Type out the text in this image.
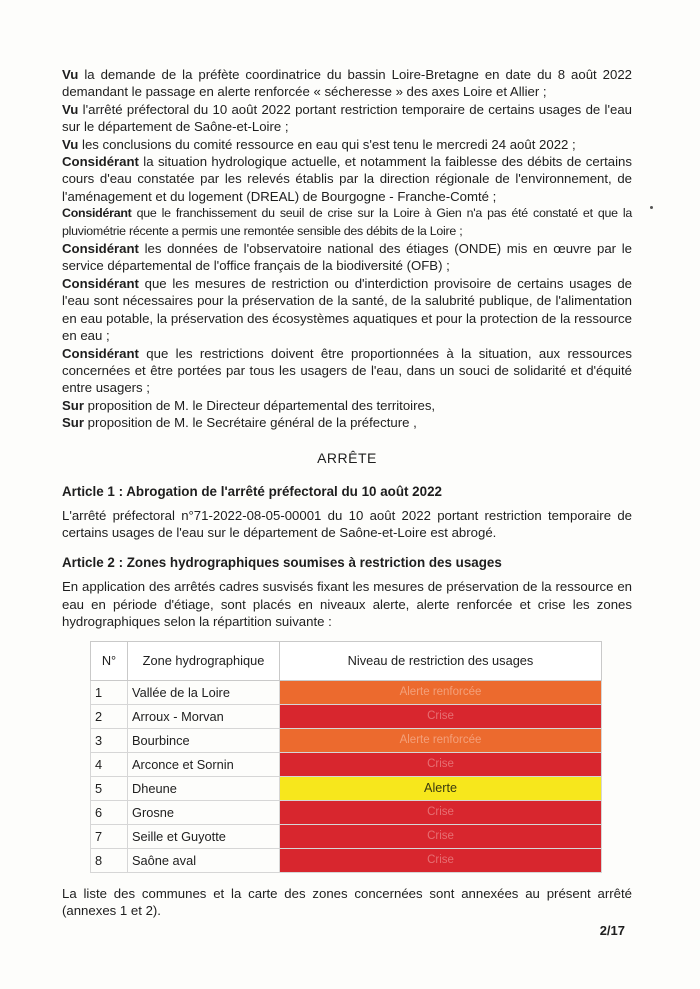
Vu la demande de la préfète coordinatrice du bassin Loire-Bretagne en date du 8 août 2022 demandant le passage en alerte renforcée « sécheresse » des axes Loire et Allier ;

Vu l'arrêté préfectoral du 10 août 2022 portant restriction temporaire de certains usages de l'eau sur le département de Saône-et-Loire ;

Vu les conclusions du comité ressource en eau qui s'est tenu le mercredi 24 août 2022 ;

Considérant la situation hydrologique actuelle, et notamment la faiblesse des débits de certains cours d'eau constatée par les relevés établis par la direction régionale de l'environnement, de l'aménagement et du logement (DREAL) de Bourgogne - Franche-Comté ;

Considérant que le franchissement du seuil de crise sur la Loire à Gien n'a pas été constaté et que la pluviométrie récente a permis une remontée sensible des débits de la Loire ;

Considérant les données de l'observatoire national des étiages (ONDE) mis en œuvre par le service départemental de l'office français de la biodiversité (OFB) ;

Considérant que les mesures de restriction ou d'interdiction provisoire de certains usages de l'eau sont nécessaires pour la préservation de la santé, de la salubrité publique, de l'alimentation en eau potable, la préservation des écosystèmes aquatiques et pour la protection de la ressource en eau ;

Considérant que les restrictions doivent être proportionnées à la situation, aux ressources concernées et être portées par tous les usagers de l'eau, dans un souci de solidarité et d'équité entre usagers ;

Sur proposition de M. le Directeur départemental des territoires,

Sur proposition de M. le Secrétaire général de la préfecture ,

ARRÊTE

Article 1 : Abrogation de l'arrêté préfectoral du 10 août 2022

L'arrêté préfectoral n°71-2022-08-05-00001 du 10 août 2022 portant restriction temporaire de certains usages de l'eau sur le département de Saône-et-Loire est abrogé.

Article 2 : Zones hydrographiques soumises à restriction des usages

En application des arrêtés cadres susvisés fixant les mesures de préservation de la ressource en eau en période d'étiage, sont placés en niveaux alerte, alerte renforcée et crise les zones hydrographiques selon la répartition suivante :

N°	Zone hydrographique	Niveau de restriction des usages
1	Vallée de la Loire	Alerte renforcée
2	Arroux - Morvan	Crise
3	Bourbince	Alerte renforcée
4	Arconce et Sornin	Crise
5	Dheune	Alerte
6	Grosne	Crise
7	Seille et Guyotte	Crise
8	Saône aval	Crise

La liste des communes et la carte des zones concernées sont annexées au présent arrêté (annexes 1 et 2).

2/17
